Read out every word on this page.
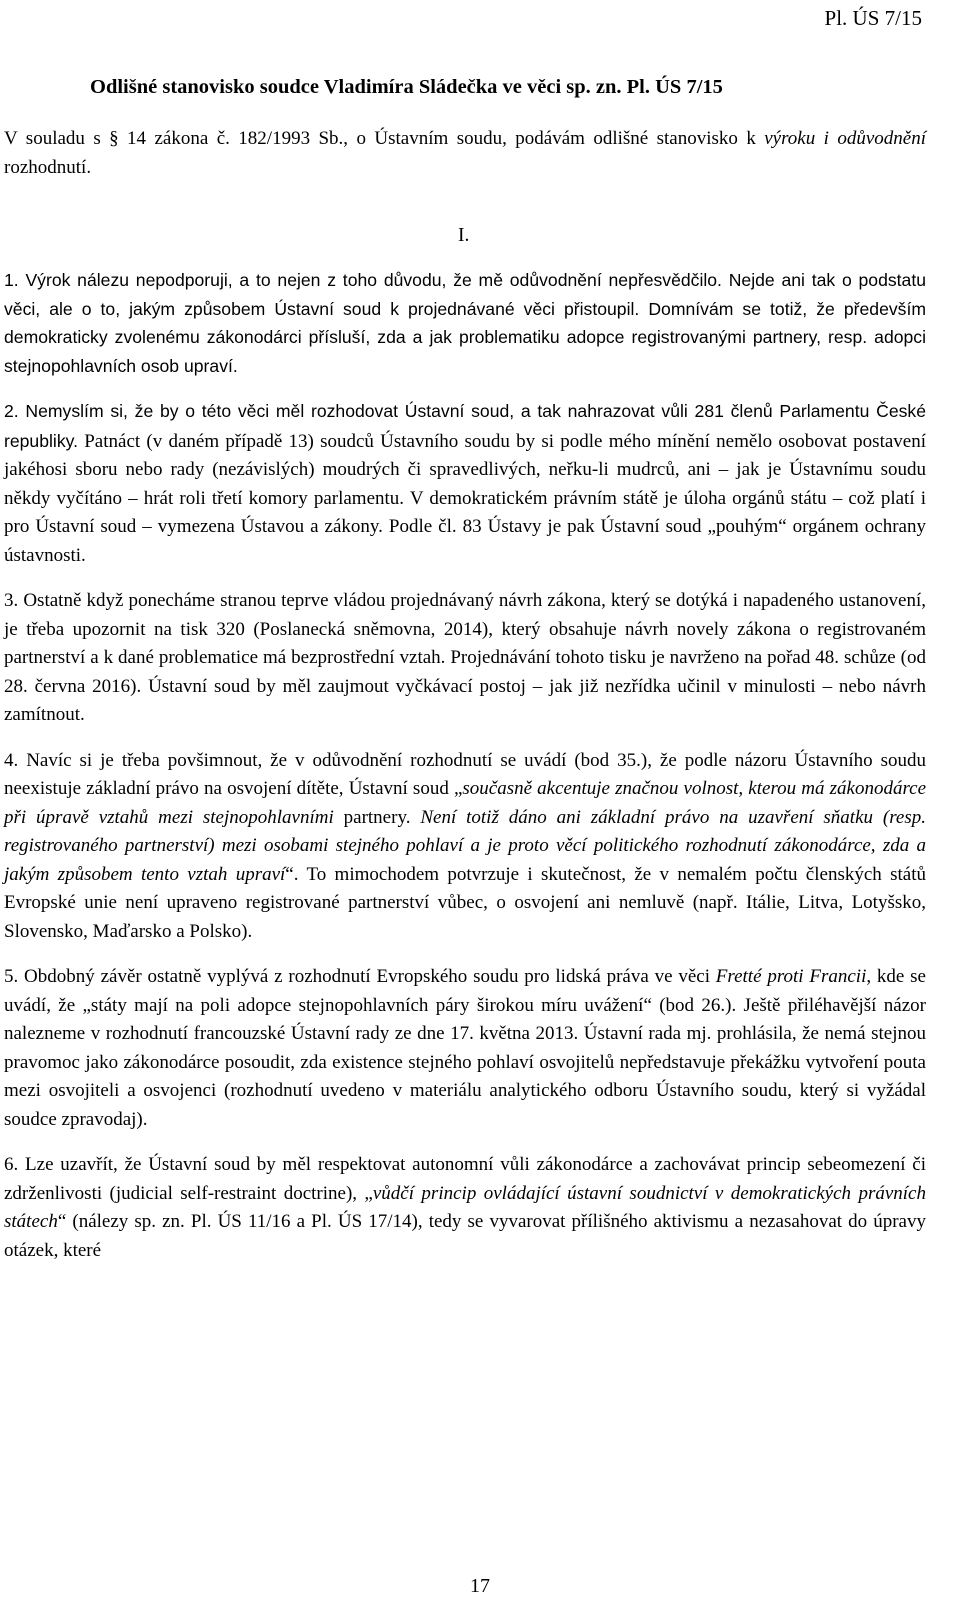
Pl. ÚS 7/15
Odlišné stanovisko soudce Vladimíra Sládečka ve věci sp. zn. Pl. ÚS 7/15
V souladu s § 14 zákona č. 182/1993 Sb., o Ústavním soudu, podávám odlišné stanovisko k výroku i odůvodnění rozhodnutí.
I.

1. Výrok nálezu nepodporuji, a to nejen z toho důvodu, že mě odůvodnění nepřesvědčilo. Nejde ani tak o podstatu věci, ale o to, jakým způsobem Ústavní soud k projednávané věci přistoupil. Domnívám se totiž, že především demokraticky zvolenému zákonodárci přísluší, zda a jak problematiku adopce registrovanými partnery, resp. adopci stejnopohlavních osob upraví.

2. Nemyslím si, že by o této věci měl rozhodovat Ústavní soud, a tak nahrazovat vůli 281 členů Parlamentu České republiky. Patnáct (v daném případě 13) soudců Ústavního soudu by si podle mého mínění nemělo osobovat postavení jakéhosi sboru nebo rady (nezávislých) moudrých či spravedlivých, neřku-li mudrců, ani – jak je Ústavnímu soudu někdy vyčítáno – hrát roli třetí komory parlamentu. V demokratickém právním státě je úloha orgánů státu – což platí i pro Ústavní soud – vymezena Ústavou a zákony. Podle čl. 83 Ústavy je pak Ústavní soud „pouhým“ orgánem ochrany ústavnosti.

3. Ostatně když ponecháme stranou teprve vládou projednávaný návrh zákona, který se dotýká i napadeného ustanovení, je třeba upozornit na tisk 320 (Poslanecká sněmovna, 2014), který obsahuje návrh novely zákona o registrovaném partnerství a k dané problematice má bezprostřední vztah. Projednávání tohoto tisku je navrženo na pořad 48. schůze (od 28. června 2016). Ústavní soud by měl zaujmout vyčkávací postoj – jak již nezřídka učinil v minulosti – nebo návrh zamítnout.

4. Navíc si je třeba povšimnout, že v odůvodnění rozhodnutí se uvádí (bod 35.), že podle názoru Ústavního soudu neexistuje základní právo na osvojení dítěte, Ústavní soud „současně akcentuje značnou volnost, kterou má zákonodárce při úpravě vztahů mezi stejnopohlavními partnery. Není totiž dáno ani základní právo na uzavření sňatku (resp. registrovaného partnerství) mezi osobami stejného pohlaví a je proto věcí politického rozhodnutí zákonodárce, zda a jakým způsobem tento vztah upraví“. To mimochodem potvrzuje i skutečnost, že v nemalém počtu členských států Evropské unie není upraveno registrované partnerství vůbec, o osvojení ani nemluvě (např. Itálie, Litva, Lotyšsko, Slovensko, Maďarsko a Polsko).

5. Obdobný závěr ostatně vyplývá z rozhodnutí Evropského soudu pro lidská práva ve věci Fretté proti Francii, kde se uvádí, že „státy mají na poli adopce stejnopohlavních páry širokou míru uvážení“ (bod 26.). Ještě přiléhavější názor nalezneme v rozhodnutí francouzské Ústavní rady ze dne 17. května 2013. Ústavní rada mj. prohlásila, že nemá stejnou pravomoc jako zákonodárce posoudit, zda existence stejného pohlaví osvojitelů nepředstavuje překážku vytvoření pouta mezi osvojiteli a osvojenci (rozhodnutí uvedeno v materiálu analytického odboru Ústavního soudu, který si vyžádal soudce zpravodaj).

6. Lze uzavřít, že Ústavní soud by měl respektovat autonomní vůli zákonodárce a zachovávat princip sebeomezení či zdrženlivosti (judicial self-restraint doctrine), „vůdčí princip ovládající ústavní soudnictví v demokratických právních státech“ (nálezy sp. zn. Pl. ÚS 11/16 a Pl. ÚS 17/14), tedy se vyvarovat přílišného aktivismu a nezasahovat do úpravy otázek, které

17
